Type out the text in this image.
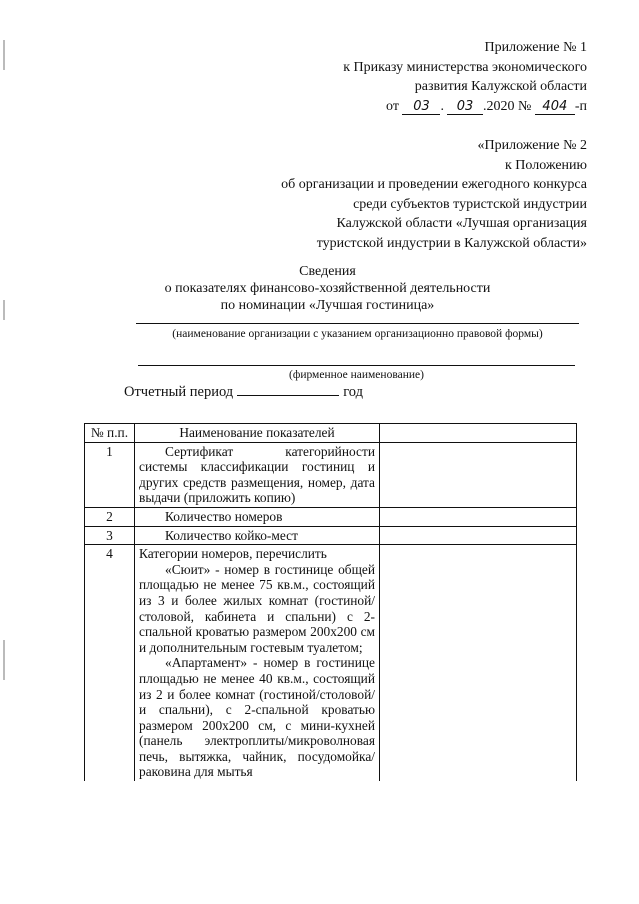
Приложение № 1
к Приказу министерства экономического
развития Калужской области
от 03 . 03 .2020 № 404 -п
«Приложение № 2
к Положению
об организации и проведении ежегодного конкурса
среди субъектов туристской индустрии
Калужской области «Лучшая организация
туристской индустрии в Калужской области»
Сведения
о показателях финансово-хозяйственной деятельности
по номинации «Лучшая гостиница»
(наименование организации с указанием организационно правовой формы)
(фирменное наименование)
Отчетный период	год
№ п.п.	Наименование показателей	
1	Сертификат категорийности системы классификации гостиниц и других средств размещения, номер, дата выдачи (приложить копию)	
2	Количество номеров	
3	Количество койко-мест	
4	Категории номеров, перечислить
«Сюит» - номер в гостинице общей площадью не менее 75 кв.м., состоящий из 3 и более жилых комнат (гостиной/столовой, кабинета и спальни) с 2-спальной кроватью размером 200х200 см и дополнительным гостевым туалетом;
«Апартамент» - номер в гостинице площадью не менее 40 кв.м., состоящий из 2 и более комнат (гостиной/столовой/и спальни), с 2-спальной кроватью размером 200х200 см, с мини-кухней (панель электроплиты/микроволновая печь, вытяжка, чайник, посудомойка/раковина для мытья	
